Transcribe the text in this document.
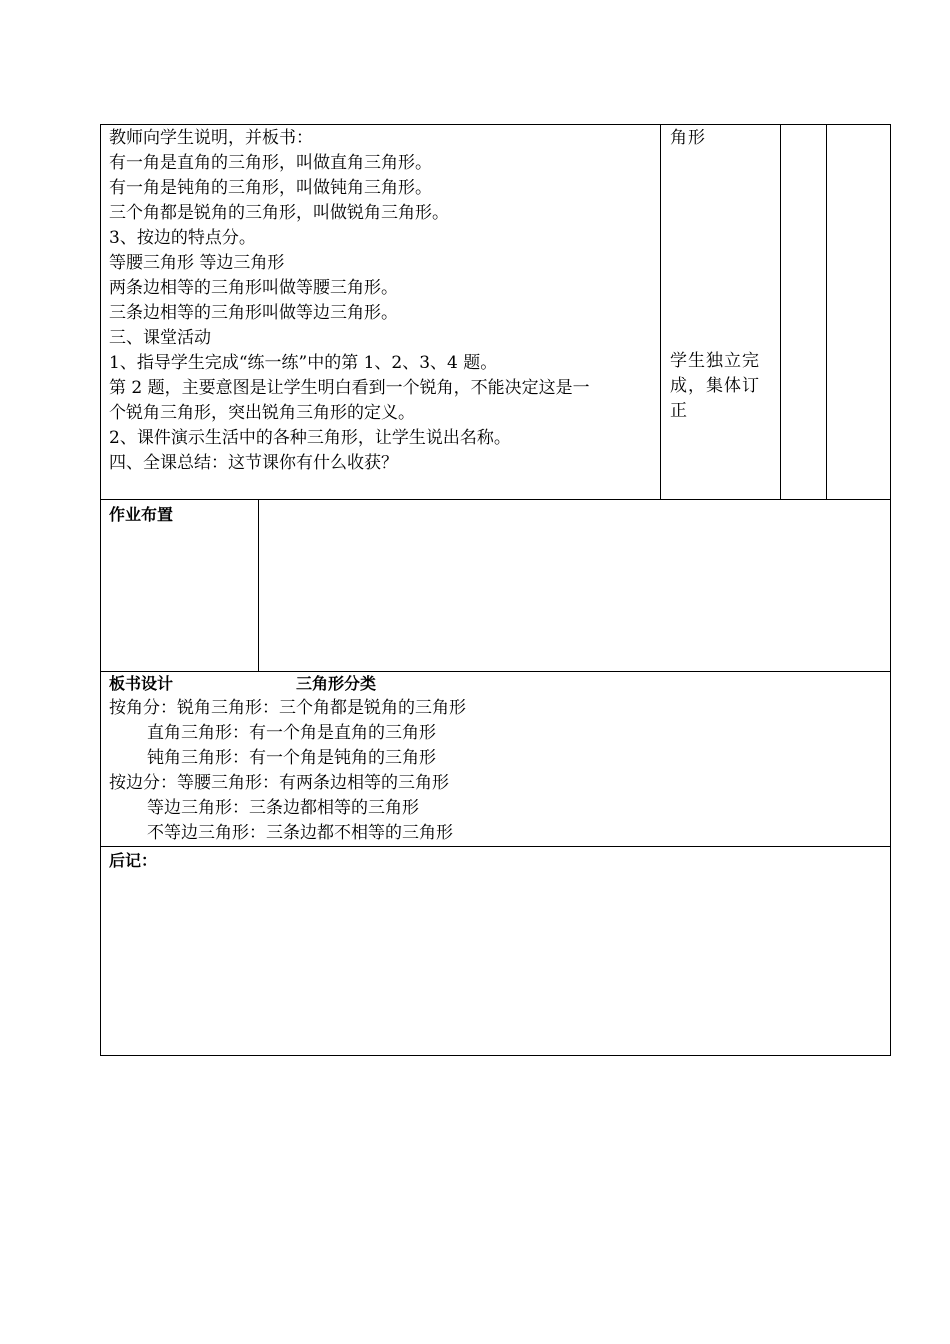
教师向学生说明，并板书：
有一角是直角的三角形，叫做直角三角形。
有一角是钝角的三角形，叫做钝角三角形。
三个角都是锐角的三角形，叫做锐角三角形。
3、按边的特点分。
等腰三角形 等边三角形
两条边相等的三角形叫做等腰三角形。
三条边相等的三角形叫做等边三角形。
三、课堂活动
1、指导学生完成“练一练”中的第 1、2、3、4 题。
第 2 题，主要意图是让学生明白看到一个锐角，不能决定这是一
个锐角三角形，突出锐角三角形的定义。
2、课件演示生活中的各种三角形，让学生说出名称。
四、全课总结：这节课你有什么收获？
角形
学生独立完
成，集体订
正
作业布置
板书设计	三角形分类
按角分：锐角三角形：三个角都是锐角的三角形
直角三角形：有一个角是直角的三角形
钝角三角形：有一个角是钝角的三角形
按边分：等腰三角形：有两条边相等的三角形
等边三角形：三条边都相等的三角形
不等边三角形：三条边都不相等的三角形
后记：
